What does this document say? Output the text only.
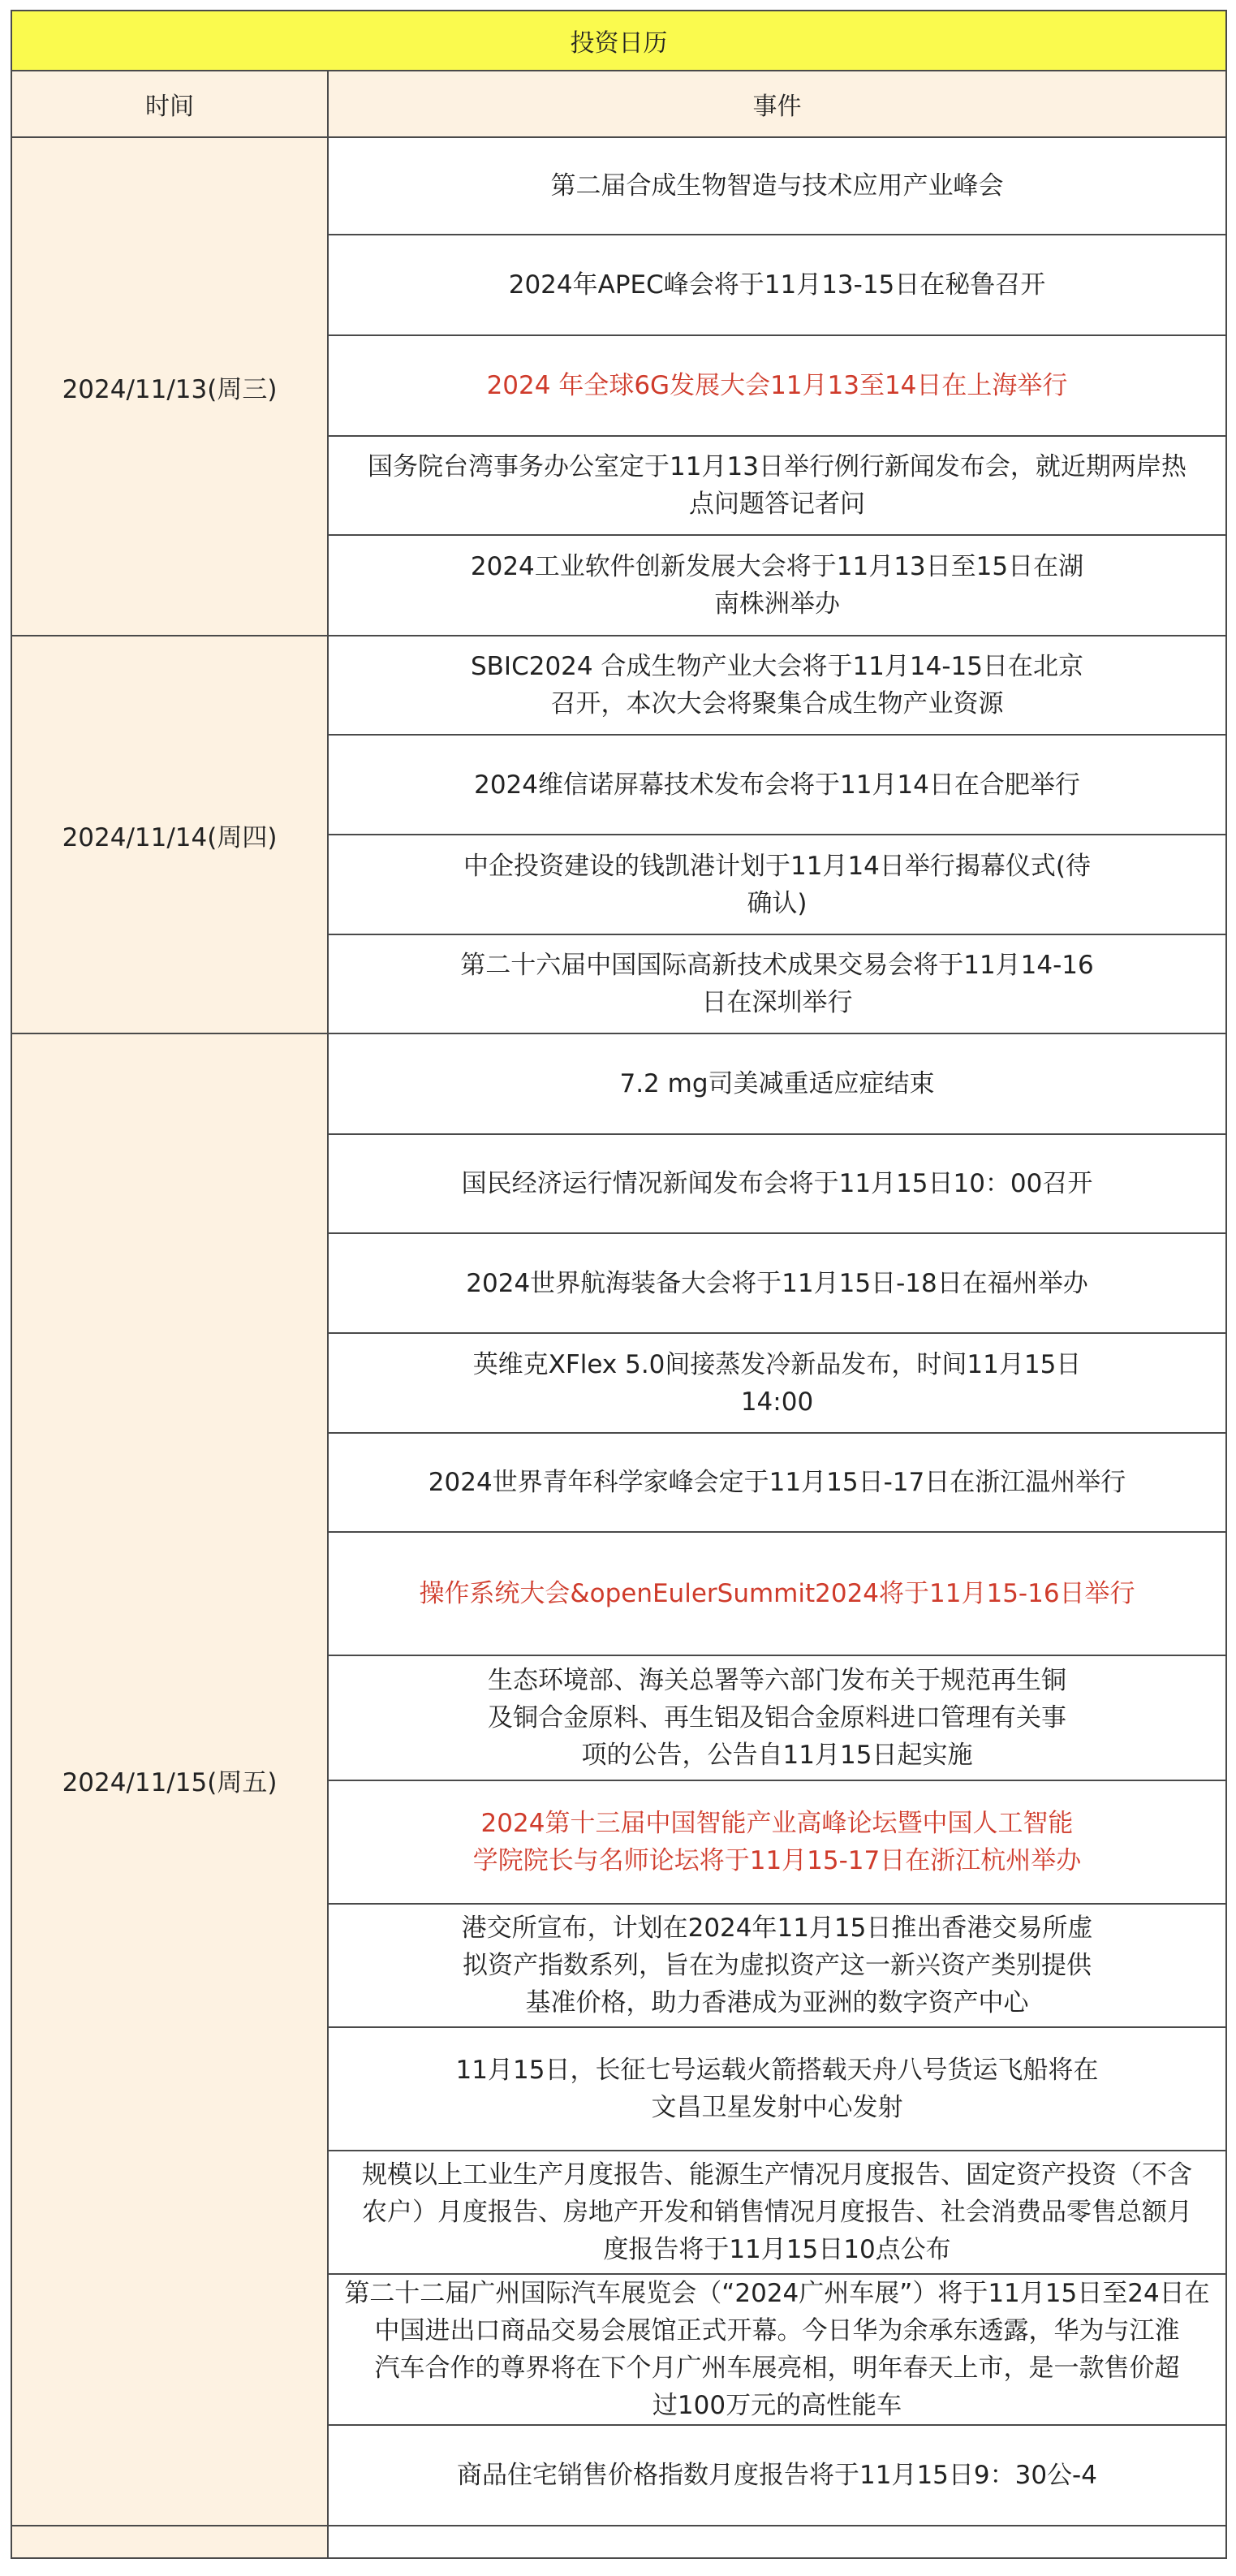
投资日历	
时间	事件
2024/11/13(周三)	第二届合成生物智造与技术应用产业峰会
	2024年APEC峰会将于11月13-15日在秘鲁召开
	2024 年全球6G发展大会11月13至14日在上海举行

	国务院台湾事务办公室定于11月13日举行例行新闻发布会，就近期两岸热
点问题答记者问

	2024工业软件创新发展大会将于11月13日至15日在湖
南株洲举办

2024/11/14(周四)	SBIC2024 合成生物产业大会将于11月14-15日在北京
召开，本次大会将聚集合成生物产业资源

	2024维信诺屏幕技术发布会将于11月14日在合肥举行

	中企投资建设的钱凯港计划于11月14日举行揭幕仪式(待
确认)

	第二十六届中国国际高新技术成果交易会将于11月14-16
日在深圳举行

2024/11/15(周五)	7.2 mg司美减重适应症结束
	国民经济运行情况新闻发布会将于11月15日10：00召开
	2024世界航海装备大会将于11月15日-18日在福州举办

	英维克XFlex 5.0间接蒸发冷新品发布，时间11月15日
14:00

	2024世界青年科学家峰会定于11月15日-17日在浙江温州举行
	操作系统大会&openEulerSummit2024将于11月15-16日举行

	生态环境部、海关总署等六部门发布关于规范再生铜
及铜合金原料、再生铝及铝合金原料进口管理有关事
项的公告，公告自11月15日起实施

	2024第十三届中国智能产业高峰论坛暨中国人工智能
学院院长与名师论坛将于11月15-17日在浙江杭州举办

	港交所宣布，计划在2024年11月15日推出香港交易所虚
拟资产指数系列，旨在为虚拟资产这一新兴资产类别提供
基准价格，助力香港成为亚洲的数字资产中心

	11月15日，长征七号运载火箭搭载天舟八号货运飞船将在
文昌卫星发射中心发射

	规模以上工业生产月度报告、能源生产情况月度报告、固定资产投资（不含
农户）月度报告、房地产开发和销售情况月度报告、社会消费品零售总额月
度报告将于11月15日10点公布

	第二十二届广州国际汽车展览会（“2024广州车展”）将于11月15日至24日在
中国进出口商品交易会展馆正式开幕。今日华为余承东透露，华为与江淮
汽车合作的尊界将在下个月广州车展亮相，明年春天上市，是一款售价超
过100万元的高性能车

	商品住宅销售价格指数月度报告将于11月15日9：30公-4
